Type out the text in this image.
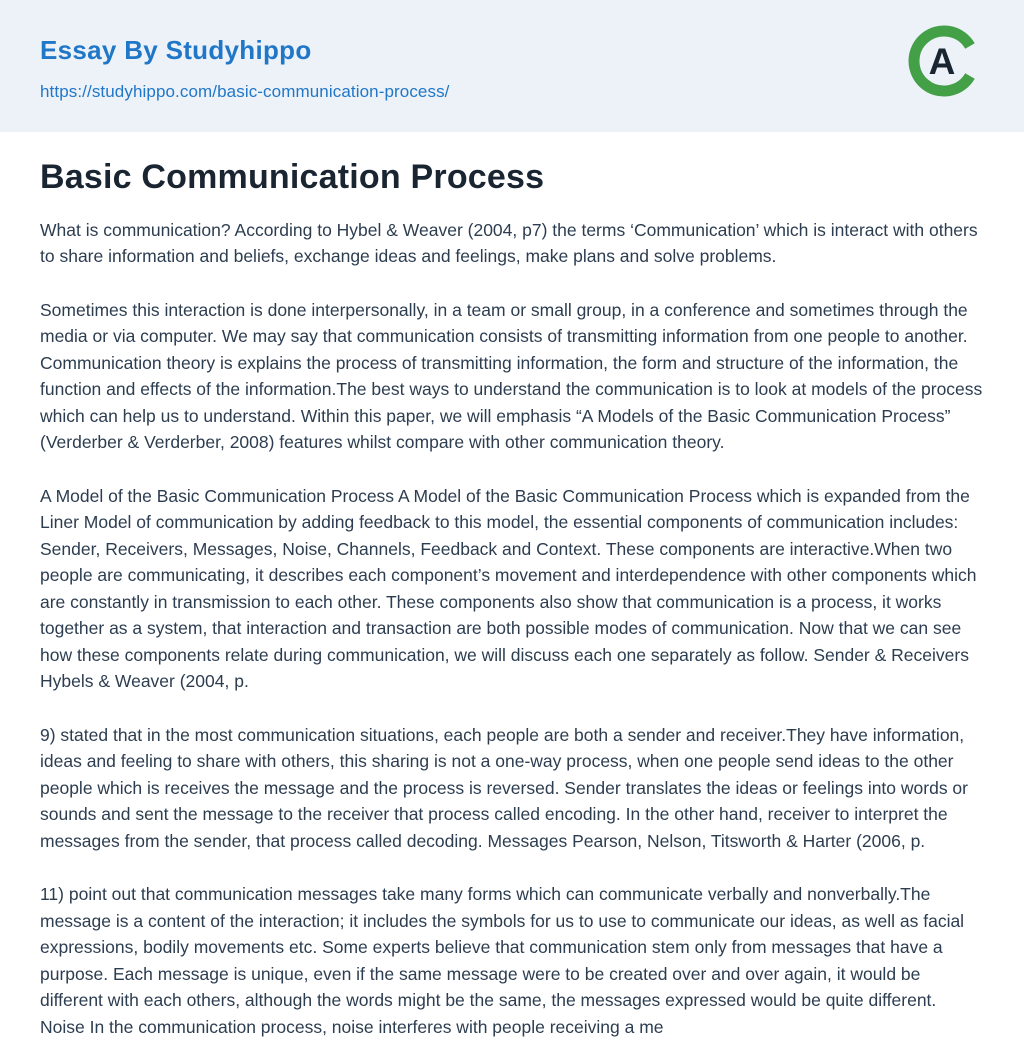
Essay By Studyhippo
https://studyhippo.com/basic-communication-process/
A
Basic Communication Process

What is communication? According to Hybel & Weaver (2004, p7) the terms ‘Communication’ which is interact with others to share information and beliefs, exchange ideas and feelings, make plans and solve problems.

Sometimes this interaction is done interpersonally, in a team or small group, in a conference and sometimes through the media or via computer. We may say that communication consists of transmitting information from one people to another. Communication theory is explains the process of transmitting information, the form and structure of the information, the function and effects of the information.The best ways to understand the communication is to look at models of the process which can help us to understand. Within this paper, we will emphasis “A Models of the Basic Communication Process” (Verderber & Verderber, 2008) features whilst compare with other communication theory.

A Model of the Basic Communication Process A Model of the Basic Communication Process which is expanded from the Liner Model of communication by adding feedback to this model, the essential components of communication includes: Sender, Receivers, Messages, Noise, Channels, Feedback and Context. These components are interactive.When two people are communicating, it describes each component’s movement and interdependence with other components which are constantly in transmission to each other. These components also show that communication is a process, it works together as a system, that interaction and transaction are both possible modes of communication. Now that we can see how these components relate during communication, we will discuss each one separately as follow. Sender & Receivers Hybels & Weaver (2004, p.

9) stated that in the most communication situations, each people are both a sender and receiver.They have information, ideas and feeling to share with others, this sharing is not a one-way process, when one people send ideas to the other people which is receives the message and the process is reversed. Sender translates the ideas or feelings into words or sounds and sent the message to the receiver that process called encoding. In the other hand, receiver to interpret the messages from the sender, that process called decoding. Messages Pearson, Nelson, Titsworth & Harter (2006, p.

11) point out that communication messages take many forms which can communicate verbally and nonverbally.The message is a content of the interaction; it includes the symbols for us to use to communicate our ideas, as well as facial expressions, bodily movements etc. Some experts believe that communication stem only from messages that have a purpose. Each message is unique, even if the same message were to be created over and over again, it would be different with each others, although the words might be the same, the messages expressed would be quite different. Noise In the communication process, noise interferes with people receiving a me
